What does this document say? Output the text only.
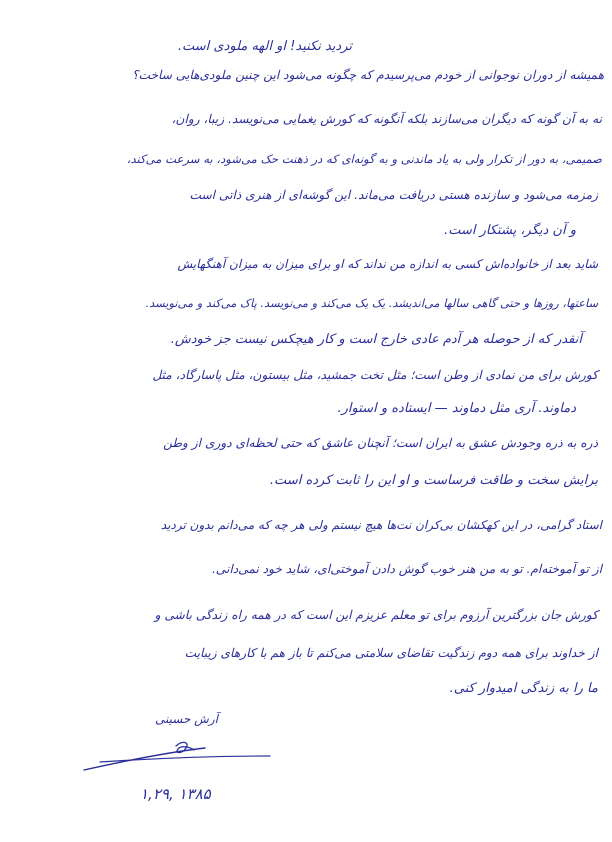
تردید نکنید! او الهه ملودی است.
همیشه از دوران نوجوانی از خودم می‌پرسیدم که چگونه می‌شود این چنین ملودی‌هایی ساخت؟
نه به آن گونه که دیگران می‌سازند بلکه آنگونه که کورش یغمایی می‌نویسد. زیبا، روان،
صمیمی، به دور از تکرار ولی به یاد ماندنی و به گونه‌ای که در ذهنت حک می‌شود، به سرعت می‌کند،
زمزمه می‌شود و سازنده هستی دریافت می‌ماند. این گوشه‌ای از هنری ذاتی است
و آن دیگر، پشتکار است.
شاید بعد از خانواده‌اش کسی به اندازه من نداند که او برای میزان به میزان آهنگهایش
ساعتها، روزها و حتی گاهی سالها می‌اندیشد. یک یک می‌کند و می‌نویسد. پاک می‌کند و می‌نویسد.
آنقدر که از حوصله هر آدم عادی خارج است و کار هیچکس نیست جز خودش.
کورش برای من نمادی از وطن است؛ مثل تخت جمشید، مثل بیستون، مثل پاسارگاد، مثل
دماوند. آری مثل دماوند — ایستاده و استوار.
ذره به ذره وجودش عشق به ایران است؛ آنچنان عاشق که حتی لحظه‌ای دوری از وطن
برایش سخت و طاقت فرساست و او این را ثابت کرده است.
استاد گرامی، در این کهکشان بی‌کران نت‌ها هیچ نیستم ولی هر چه که می‌دانم بدون تردید
از تو آموخته‌ام. تو به من هنر خوب گوش دادن آموختی‌ای، شاید خود نمی‌دانی.
کورش جان بزرگترین آرزوم برای تو معلم عزیزم این است که در همه راه زندگی باشی و
از خداوند برای همه دوم زندگیت تقاضای سلامتی می‌کنم تا باز هم با کارهای زیبایت
ما را به زندگی امیدوار کنی.
آرش حسینی
۱۳۸۵ ,۱,۲۹
